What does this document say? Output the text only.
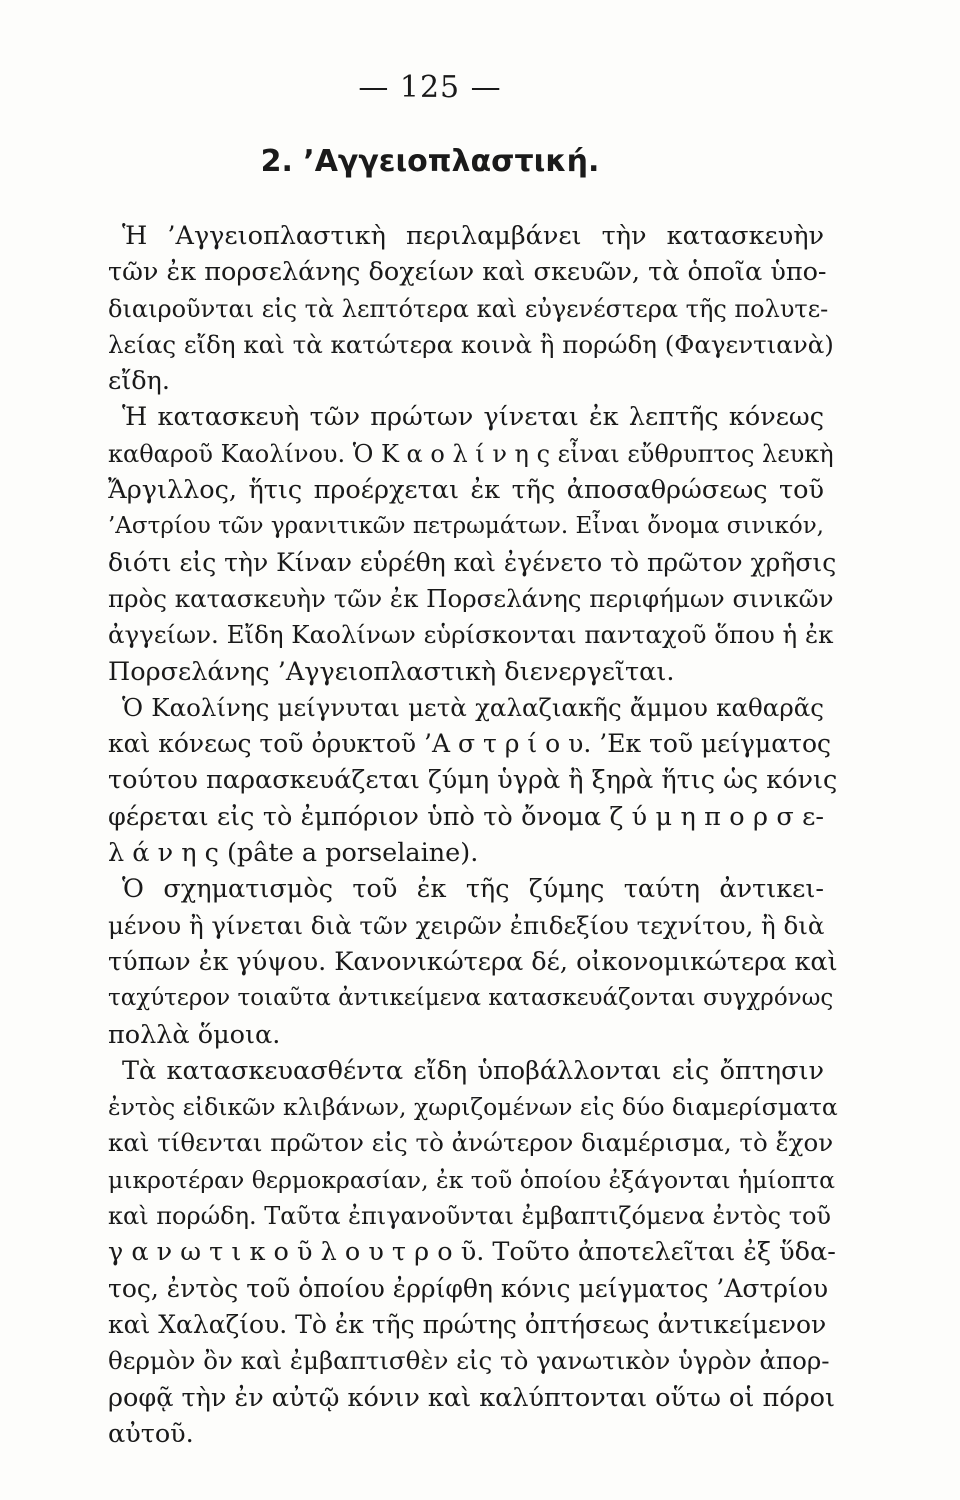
— 125 —
2. ’Αγγειοπλαστική.
Ἡ ’Αγγειοπλαστικὴ περιλαμβάνει τὴν κατασκευὴν
τῶν ἐκ πορσελάνης δοχείων καὶ σκευῶν, τὰ ὁποῖα ὑπο-
διαιροῦνται εἰς τὰ λεπτότερα καὶ εὐγενέστερα τῆς πολυτε-
λείας εἴδη καὶ τὰ κατώτερα κοινὰ ἢ πορώδη (Φαγεντιανὰ)
εἴδη.
Ἡ κατασκευὴ τῶν πρώτων γίνεται ἐκ λεπτῆς κόνεως
καθαροῦ Καολίνου. Ὁ Κ α ο λ ί ν η ς εἶναι εὔθρυπτος λευκὴ
Ἄργιλλος, ἥτις προέρχεται ἐκ τῆς ἀποσαθρώσεως τοῦ
’Αστρίου τῶν γρανιτικῶν πετρωμάτων. Εἶναι ὄνομα σινικόν,
διότι εἰς τὴν Κίναν εὑρέθη καὶ ἐγένετο τὸ πρῶτον χρῆσις
πρὸς κατασκευὴν τῶν ἐκ Πορσελάνης περιφήμων σινικῶν
ἀγγείων. Εἴδη Καολίνων εὑρίσκονται πανταχοῦ ὅπου ἡ ἐκ
Πορσελάνης ’Αγγειοπλαστικὴ διενεργεῖται.
Ὁ Καολίνης μείγνυται μετὰ χαλαζιακῆς ἄμμου καθαρᾶς
καὶ κόνεως τοῦ ὀρυκτοῦ ’Α σ τ ρ ί ο υ. ’Εκ τοῦ μείγματος
τούτου παρασκευάζεται ζύμη ὑγρὰ ἢ ξηρὰ ἥτις ὡς κόνις
φέρεται εἰς τὸ ἐμπόριον ὑπὸ τὸ ὄνομα ζ ύ μ η π ο ρ σ ε-
λ ά ν η ς (pâte a porselaine).
Ὁ σχηματισμὸς τοῦ ἐκ τῆς ζύμης ταύτη ἀντικει-
μένου ἢ γίνεται διὰ τῶν χειρῶν ἐπιδεξίου τεχνίτου, ἢ διὰ
τύπων ἐκ γύψου. Κανονικώτερα δέ, οἰκονομικώτερα καὶ
ταχύτερον τοιαῦτα ἀντικείμενα κατασκευάζονται συγχρόνως
πολλὰ ὅμοια.
Τὰ κατασκευασθέντα εἴδη ὑποβάλλονται εἰς ὄπτησιν
ἐντὸς εἰδικῶν κλιβάνων, χωριζομένων εἰς δύο διαμερίσματα
καὶ τίθενται πρῶτον εἰς τὸ ἀνώτερον διαμέρισμα, τὸ ἔχον
μικροτέραν θερμοκρασίαν, ἐκ τοῦ ὁποίου ἐξάγονται ἡμίοπτα
καὶ πορώδη. Ταῦτα ἐπιγανοῦνται ἐμβαπτιζόμενα ἐντὸς τοῦ
γ α ν ω τ ι κ ο ῦ λ ο υ τ ρ ο ῦ. Τοῦτο ἀποτελεῖται ἐξ ὕδα-
τος, ἐντὸς τοῦ ὁποίου ἐρρίφθη κόνις μείγματος ’Αστρίου
καὶ Χαλαζίου. Τὸ ἐκ τῆς πρώτης ὀπτήσεως ἀντικείμενον
θερμὸν ὂν καὶ ἐμβαπτισθὲν εἰς τὸ γανωτικὸν ὑγρὸν ἀπορ-
ροφᾷ τὴν ἐν αὐτῷ κόνιν καὶ καλύπτονται οὕτω οἱ πόροι
αὐτοῦ.
